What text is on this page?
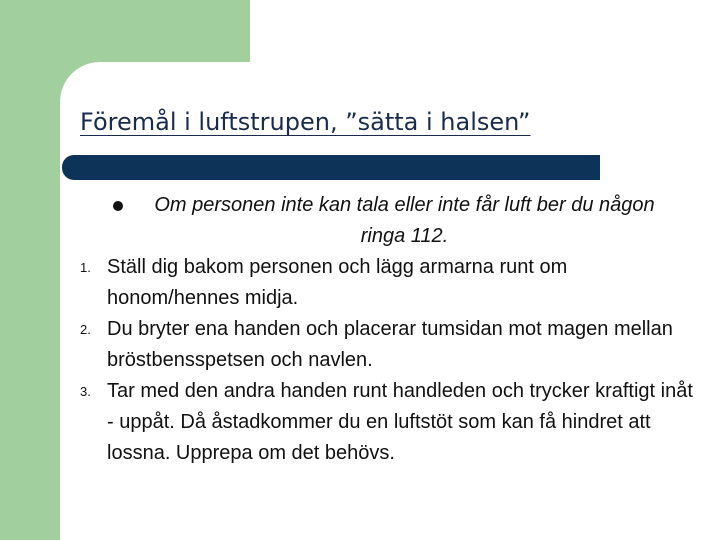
Föremål i luftstrupen, ”sätta i halsen”
Om personen inte kan tala eller inte får luft ber du någon ringa 112.
1. Ställ dig bakom personen och lägg armarna runt om honom/hennes midja.
2. Du bryter ena handen och placerar tumsidan mot magen mellan bröstbensspetsen och navlen.
3. Tar med den andra handen runt handleden och trycker kraftigt inåt - uppåt. Då åstadkommer du en luftstöt som kan få hindret att lossna. Upprepa om det behövs.
